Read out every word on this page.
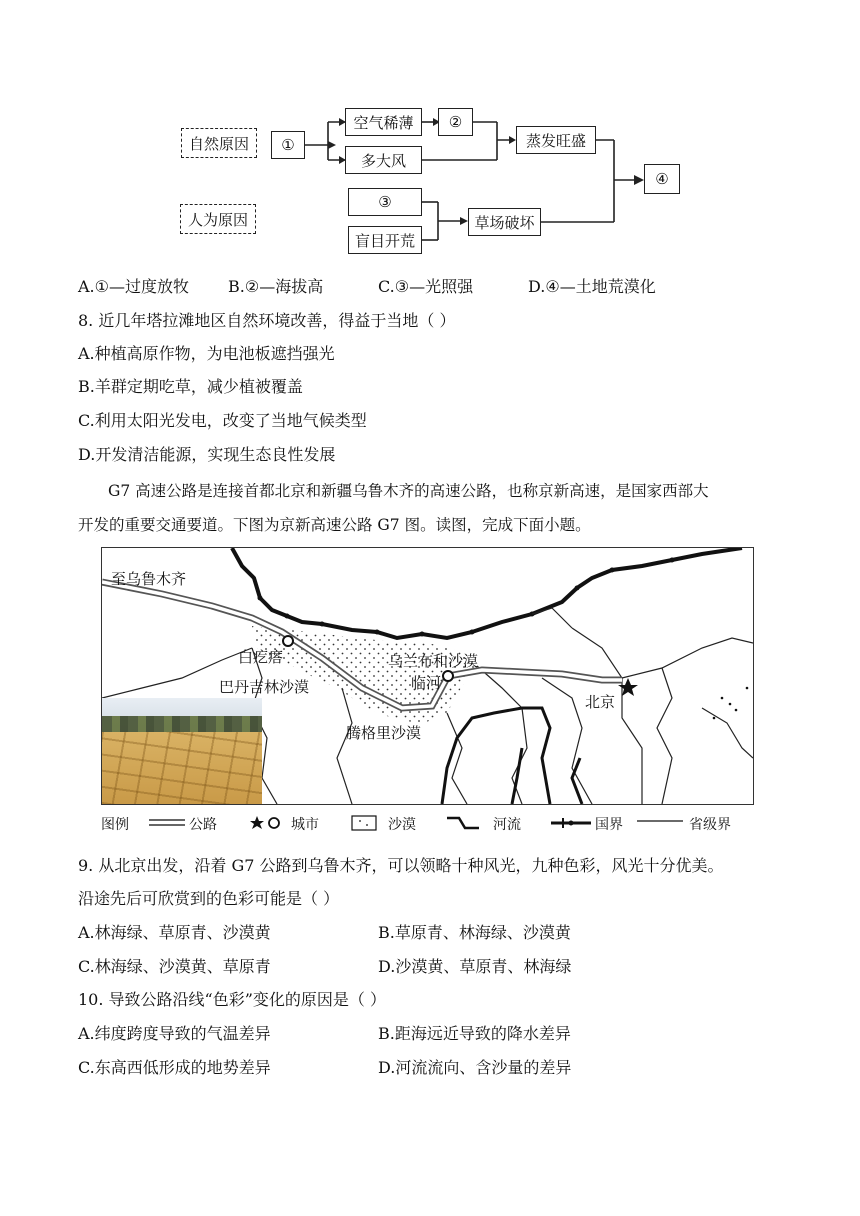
自然原因
人为原因
①
空气稀薄 ②
多大风
蒸发旺盛
④
③
盲目开荒
草场破坏
A.①—过度放牧 B.②—海拔高	C.③—光照强	D.④—土地荒漠化
8. 近几年塔拉滩地区自然环境改善，得益于当地（ ）
A.种植高原作物，为电池板遮挡强光
B.羊群定期吃草，减少植被覆盖
C.利用太阳光发电，改变了当地气候类型
D.开发清洁能源，实现生态良性发展
G7 高速公路是连接首都北京和新疆乌鲁木齐的高速公路，也称京新高速，是国家西部大
开发的重要交通要道。下图为京新高速公路 G7 图。读图，完成下面小题。
至乌鲁木齐
白疙瘩
巴丹吉林沙漠
乌兰布和沙漠
临河
腾格里沙漠
北京
图例	公路	城市	沙漠	河流	国界	省级界
9. 从北京出发，沿着 G7 公路到乌鲁木齐，可以领略十种风光，九种色彩，风光十分优美。
沿途先后可欣赏到的色彩可能是（ ）
A.林海绿、草原青、沙漠黄	B.草原青、林海绿、沙漠黄
C.林海绿、沙漠黄、草原青	D.沙漠黄、草原青、林海绿
10. 导致公路沿线“色彩”变化的原因是（ ）
A.纬度跨度导致的气温差异	B.距海远近导致的降水差异
C.东高西低形成的地势差异	D.河流流向、含沙量的差异
